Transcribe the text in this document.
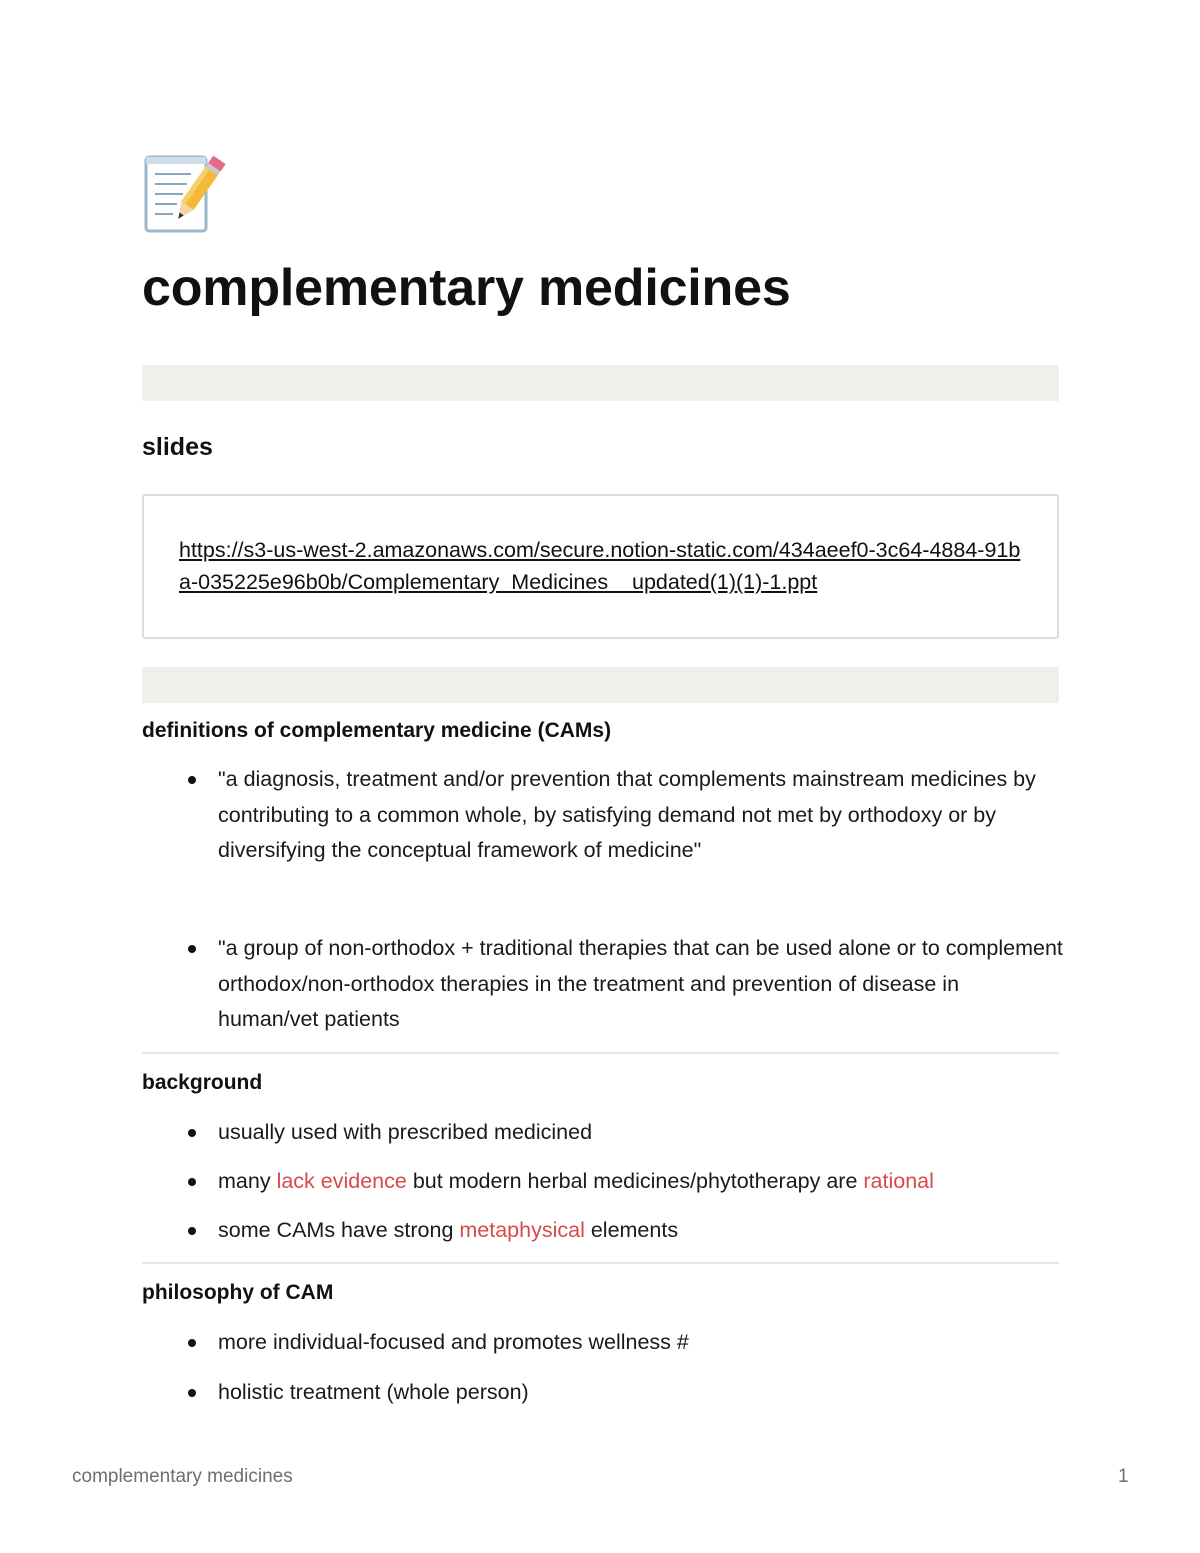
complementary medicines
slides
https://s3-us-west-2.amazonaws.com/secure.notion-static.com/434aeef0-3c64-4884-91ba-035225e96b0b/Complementary_Medicines__updated(1)(1)-1.ppt
definitions of complementary medicine (CAMs)
"a diagnosis, treatment and/or prevention that complements mainstream medicines by contributing to a common whole, by satisfying demand not met by orthodoxy or by diversifying the conceptual framework of medicine"
"a group of non-orthodox + traditional therapies that can be used alone or to complement orthodox/non-orthodox therapies in the treatment and prevention of disease in human/vet patients
background
usually used with prescribed medicined
many lack evidence but modern herbal medicines/phytotherapy are rational
some CAMs have strong metaphysical elements
philosophy of CAM
more individual-focused and promotes wellness #
holistic treatment (whole person)
complementary medicines	1
